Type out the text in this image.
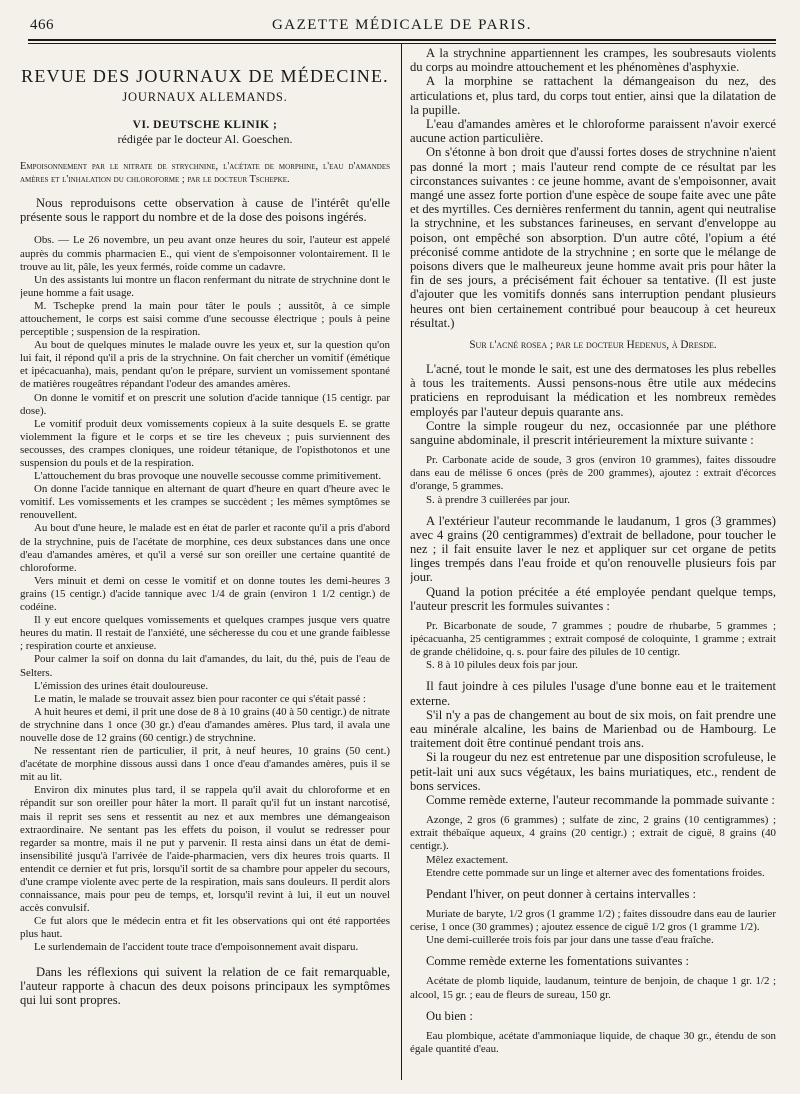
466	GAZETTE MÉDICALE DE PARIS.
REVUE DES JOURNAUX DE MÉDECINE.
JOURNAUX ALLEMANDS.
VI. DEUTSCHE KLINIK ;
rédigée par le docteur Al. Goeschen.

Empoisonnement par le nitrate de strychnine, l'acétate de morphine, l'eau d'amandes amères et l'inhalation du chloroforme ; par le docteur Tschepke.

Nous reproduisons cette observation à cause de l'intérêt qu'elle présente sous le rapport du nombre et de la dose des poisons ingérés.

Obs. — Le 26 novembre, un peu avant onze heures du soir, l'auteur est appelé auprès du commis pharmacien E., qui vient de s'empoisonner volontairement. Il le trouve au lit, pâle, les yeux fermés, roide comme un cadavre.

Un des assistants lui montre un flacon renfermant du nitrate de strychnine dont le jeune homme a fait usage.

M. Tschepke prend la main pour tâter le pouls ; aussitôt, à ce simple attouchement, le corps est saisi comme d'une secousse électrique ; pouls à peine perceptible ; suspension de la respiration.

Au bout de quelques minutes le malade ouvre les yeux et, sur la question qu'on lui fait, il répond qu'il a pris de la strychnine. On fait chercher un vomitif (émétique et ipécacuanha), mais, pendant qu'on le prépare, survient un vomissement spontané de matières rougeâtres répandant l'odeur des amandes amères.

On donne le vomitif et on prescrit une solution d'acide tannique (15 centigr. par dose).

Le vomitif produit deux vomissements copieux à la suite desquels E. se gratte violemment la figure et le corps et se tire les cheveux ; puis surviennent des secousses, des crampes cloniques, une roideur tétanique, de l'opisthotonos et une suspension du pouls et de la respiration.

L'attouchement du bras provoque une nouvelle secousse comme primitivement.

On donne l'acide tannique en alternant de quart d'heure en quart d'heure avec le vomitif. Les vomissements et les crampes se succèdent ; les mêmes symptômes se renouvellent.

Au bout d'une heure, le malade est en état de parler et raconte qu'il a pris d'abord de la strychnine, puis de l'acétate de morphine, ces deux substances dans une once d'eau d'amandes amères, et qu'il a versé sur son oreiller une certaine quantité de chloroforme.

Vers minuit et demi on cesse le vomitif et on donne toutes les demi-heures 3 grains (15 centigr.) d'acide tannique avec 1/4 de grain (environ 1 1/2 centigr.) de codéine.

Il y eut encore quelques vomissements et quelques crampes jusque vers quatre heures du matin. Il restait de l'anxiété, une sécheresse du cou et une grande faiblesse ; respiration courte et anxieuse.

Pour calmer la soif on donna du lait d'amandes, du lait, du thé, puis de l'eau de Selters.

L'émission des urines était douloureuse.

Le matin, le malade se trouvait assez bien pour raconter ce qui s'était passé :

A huit heures et demi, il prit une dose de 8 à 10 grains (40 à 50 centigr.) de nitrate de strychnine dans 1 once (30 gr.) d'eau d'amandes amères. Plus tard, il avala une nouvelle dose de 12 grains (60 centigr.) de strychnine.

Ne ressentant rien de particulier, il prit, à neuf heures, 10 grains (50 cent.) d'acétate de morphine dissous aussi dans 1 once d'eau d'amandes amères, puis il se mit au lit.

Environ dix minutes plus tard, il se rappela qu'il avait du chloroforme et en répandit sur son oreiller pour hâter la mort. Il paraît qu'il fut un instant narcotisé, mais il reprit ses sens et ressentit au nez et aux membres une démangeaison extraordinaire. Ne sentant pas les effets du poison, il voulut se redresser pour regarder sa montre, mais il ne put y parvenir. Il resta ainsi dans un état de demi-insensibilité jusqu'à l'arrivée de l'aide-pharmacien, vers dix heures trois quarts. Il entendit ce dernier et fut pris, lorsqu'il sortit de sa chambre pour appeler du secours, d'une crampe violente avec perte de la respiration, mais sans douleurs. Il perdit alors connaissance, mais pour peu de temps, et, lorsqu'il revint à lui, il eut un nouvel accès convulsif.

Ce fut alors que le médecin entra et fit les observations qui ont été rapportées plus haut.

Le surlendemain de l'accident toute trace d'empoisonnement avait disparu.

Dans les réflexions qui suivent la relation de ce fait remarquable, l'auteur rapporte à chacun des deux poisons principaux les symptômes qui lui sont propres.

A la strychnine appartiennent les crampes, les soubresauts violents du corps au moindre attouchement et les phénomènes d'asphyxie.

A la morphine se rattachent la démangeaison du nez, des articulations et, plus tard, du corps tout entier, ainsi que la dilatation de la pupille.

L'eau d'amandes amères et le chloroforme paraissent n'avoir exercé aucune action particulière.

On s'étonne à bon droit que d'aussi fortes doses de strychnine n'aient pas donné la mort ; mais l'auteur rend compte de ce résultat par les circonstances suivantes : ce jeune homme, avant de s'empoisonner, avait mangé une assez forte portion d'une espèce de soupe faite avec une pâte et des myrtilles. Ces dernières renferment du tannin, agent qui neutralise la strychnine, et les substances farineuses, en servant d'enveloppe au poison, ont empêché son absorption. D'un autre côté, l'opium a été préconisé comme antidote de la strychnine ; en sorte que le mélange de poisons divers que le malheureux jeune homme avait pris pour hâter la fin de ses jours, a précisément fait échouer sa tentative. (Il est juste d'ajouter que les vomitifs donnés sans interruption pendant plusieurs heures ont bien certainement contribué pour beaucoup à cet heureux résultat.)

Sur l'acné rosea ; par le docteur Hedenus, à Dresde.

L'acné, tout le monde le sait, est une des dermatoses les plus rebelles à tous les traitements. Aussi pensons-nous être utile aux médecins praticiens en reproduisant la médication et les nombreux remèdes employés par l'auteur depuis quarante ans.

Contre la simple rougeur du nez, occasionnée par une pléthore sanguine abdominale, il prescrit intérieurement la mixture suivante :

Pr. Carbonate acide de soude, 3 gros (environ 10 grammes), faites dissoudre dans eau de mélisse 6 onces (près de 200 grammes), ajoutez : extrait d'écorces d'orange, 5 grammes.

S. à prendre 3 cuillerées par jour.

A l'extérieur l'auteur recommande le laudanum, 1 gros (3 grammes) avec 4 grains (20 centigrammes) d'extrait de belladone, pour toucher le nez ; il fait ensuite laver le nez et appliquer sur cet organe de petits linges trempés dans l'eau froide et qu'on renouvelle plusieurs fois par jour.

Quand la potion précitée a été employée pendant quelque temps, l'auteur prescrit les formules suivantes :

Pr. Bicarbonate de soude, 7 grammes ; poudre de rhubarbe, 5 grammes ; ipécacuanha, 25 centigrammes ; extrait composé de coloquinte, 1 gramme ; extrait de grande chélidoine, q. s. pour faire des pilules de 10 centigr.

S. 8 à 10 pilules deux fois par jour.

Il faut joindre à ces pilules l'usage d'une bonne eau et le traitement externe.

S'il n'y a pas de changement au bout de six mois, on fait prendre une eau minérale alcaline, les bains de Marienbad ou de Hambourg. Le traitement doit être continué pendant trois ans.

Si la rougeur du nez est entretenue par une disposition scrofuleuse, le petit-lait uni aux sucs végétaux, les bains muriatiques, etc., rendent de bons services.

Comme remède externe, l'auteur recommande la pommade suivante :

Azonge, 2 gros (6 grammes) ; sulfate de zinc, 2 grains (10 centigrammes) ; extrait thébaïque aqueux, 4 grains (20 centigr.) ; extrait de ciguë, 8 grains (40 centigr.).

Mêlez exactement.

Etendre cette pommade sur un linge et alterner avec des fomentations froides.

Pendant l'hiver, on peut donner à certains intervalles :

Muriate de baryte, 1/2 gros (1 gramme 1/2) ; faites dissoudre dans eau de laurier cerise, 1 once (30 grammes) ; ajoutez essence de ciguë 1/2 gros (1 gramme 1/2).

Une demi-cuillerée trois fois par jour dans une tasse d'eau fraîche.

Comme remède externe les fomentations suivantes :

Acétate de plomb liquide, laudanum, teinture de benjoin, de chaque 1 gr. 1/2 ; alcool, 15 gr. ; eau de fleurs de sureau, 150 gr.

Ou bien :

Eau plombique, acétate d'ammoniaque liquide, de chaque 30 gr., étendu de son égale quantité d'eau.
